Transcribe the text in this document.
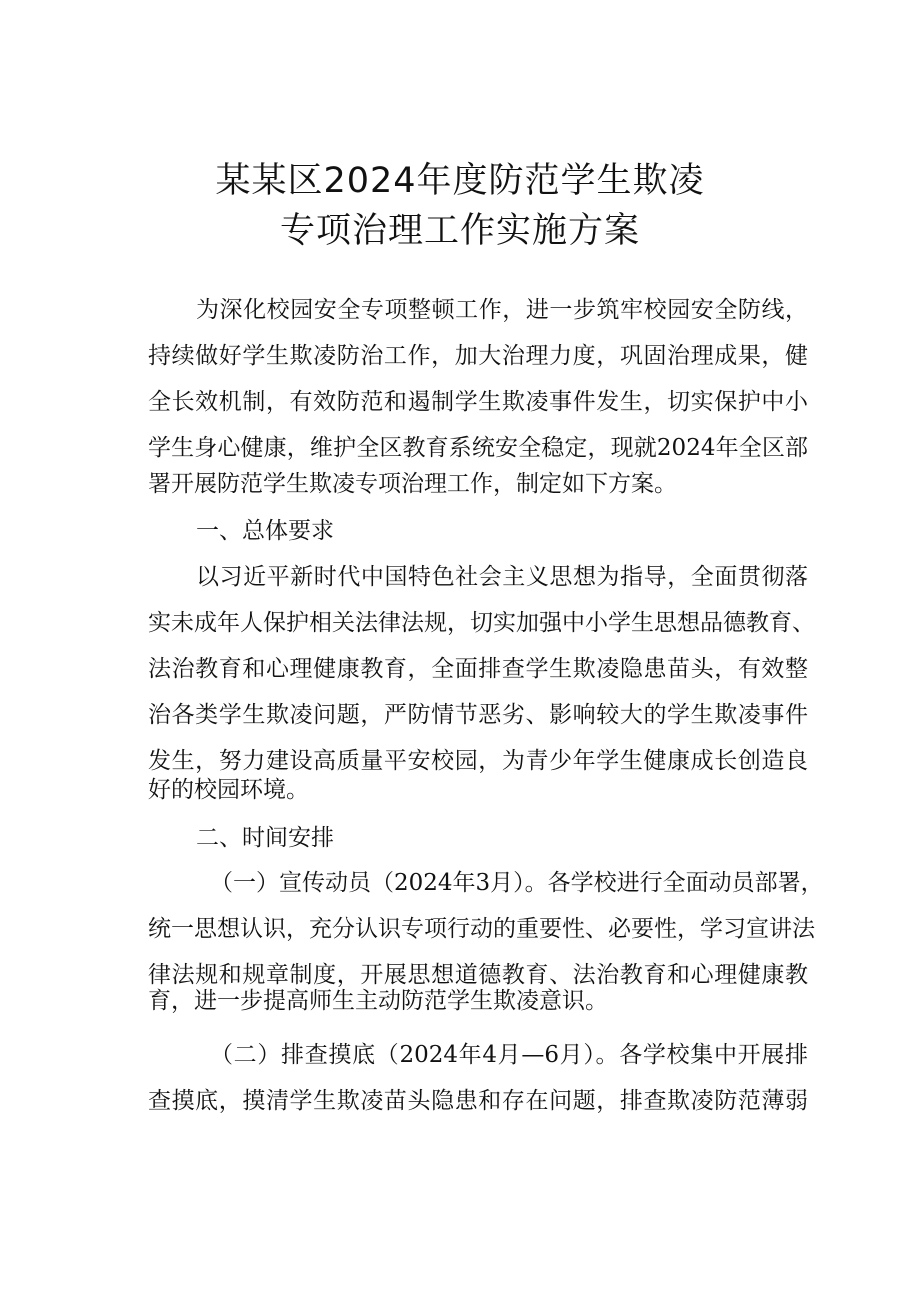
某某区2024年度防范学生欺凌
专项治理工作实施方案
为深化校园安全专项整顿工作，进一步筑牢校园安全防线，
持续做好学生欺凌防治工作，加大治理力度，巩固治理成果，健
全长效机制，有效防范和遏制学生欺凌事件发生，切实保护中小
学生身心健康，维护全区教育系统安全稳定，现就2024年全区部
署开展防范学生欺凌专项治理工作，制定如下方案。
一、总体要求
以习近平新时代中国特色社会主义思想为指导，全面贯彻落
实未成年人保护相关法律法规，切实加强中小学生思想品德教育、
法治教育和心理健康教育，全面排查学生欺凌隐患苗头，有效整
治各类学生欺凌问题，严防情节恶劣、影响较大的学生欺凌事件
发生，努力建设高质量平安校园，为青少年学生健康成长创造良
好的校园环境。
二、时间安排
（一）宣传动员（2024年3月）。各学校进行全面动员部署，
统一思想认识，充分认识专项行动的重要性、必要性，学习宣讲法
律法规和规章制度，开展思想道德教育、法治教育和心理健康教
育，进一步提高师生主动防范学生欺凌意识。
（二）排查摸底（2024年4月—6月）。各学校集中开展排
查摸底，摸清学生欺凌苗头隐患和存在问题，排查欺凌防范薄弱
